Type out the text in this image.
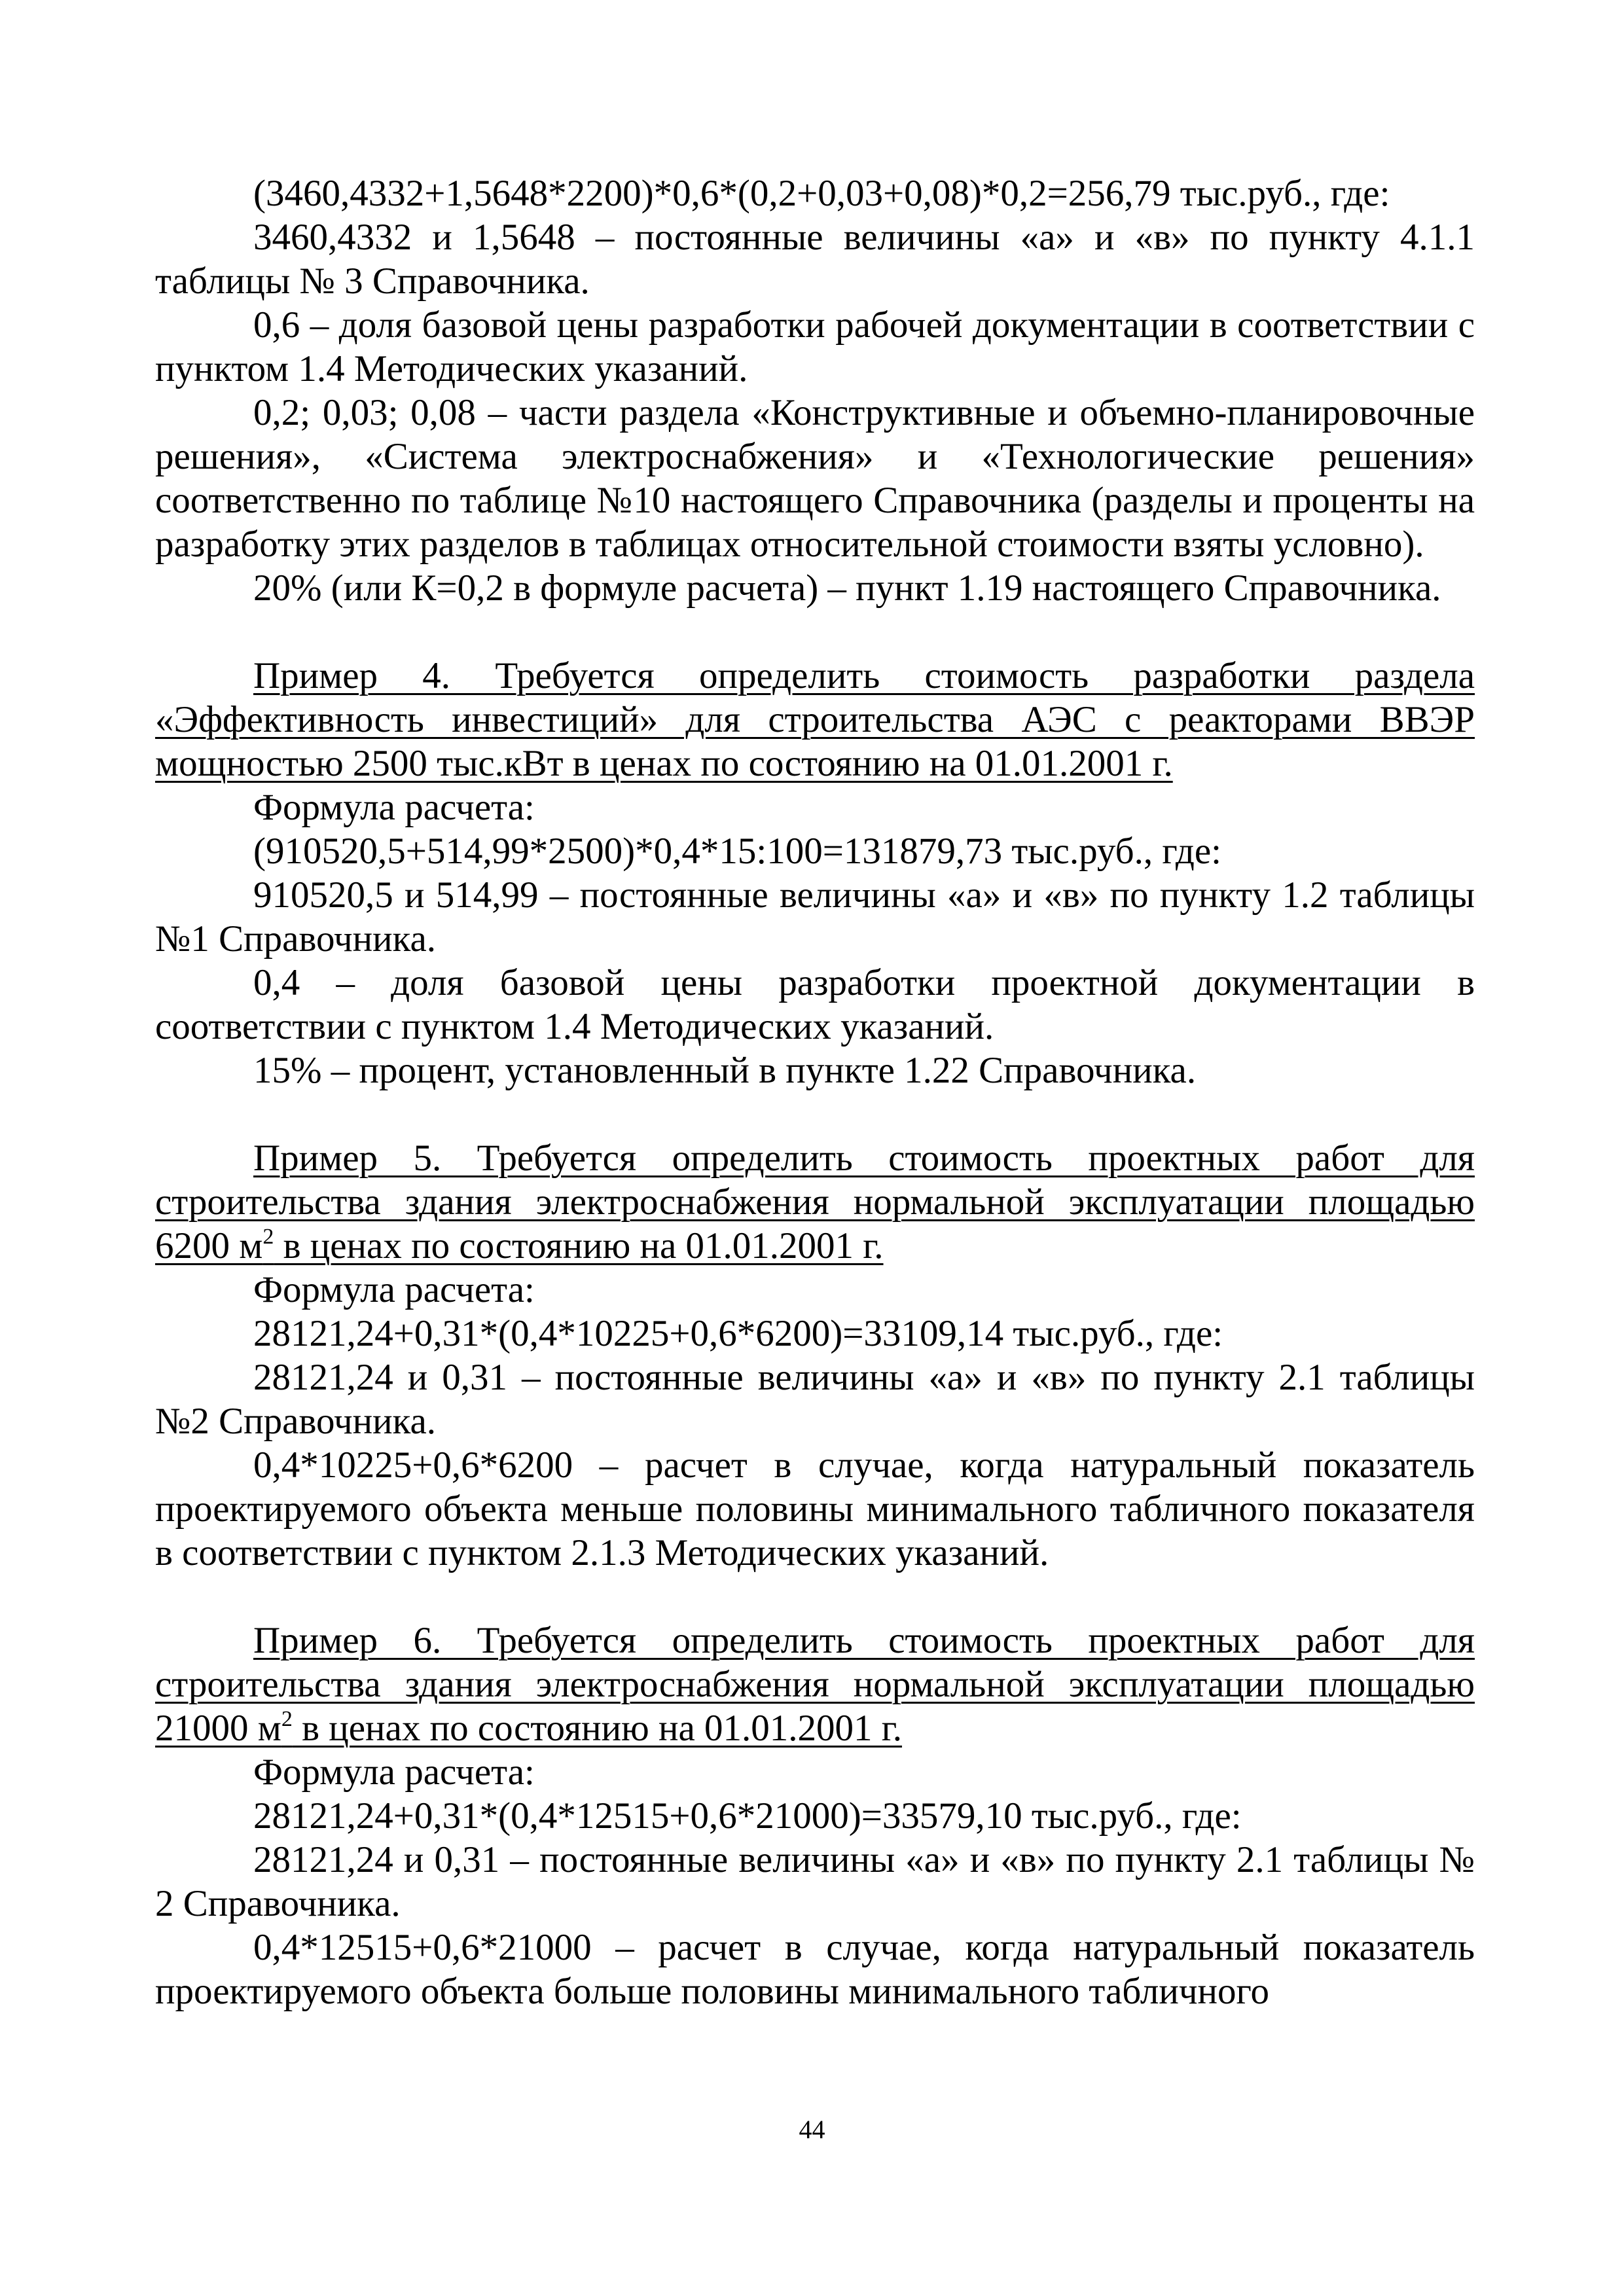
(3460,4332+1,5648*2200)*0,6*(0,2+0,03+0,08)*0,2=256,79 тыс.руб., где:

3460,4332 и 1,5648 – постоянные величины «а» и «в» по пункту 4.1.1 таблицы № 3 Справочника.

0,6 – доля базовой цены разработки рабочей документации в соответствии с пунктом 1.4 Методических указаний.

0,2; 0,03; 0,08 – части раздела «Конструктивные и объемно-планировочные решения», «Система электроснабжения» и «Технологические решения» соответственно по таблице №10 настоящего Справочника (разделы и проценты на разработку этих разделов в таблицах относительной стоимости взяты условно).

20% (или К=0,2 в формуле расчета) – пункт 1.19 настоящего Справочника.

Пример 4. Требуется определить стоимость разработки раздела «Эффективность инвестиций» для строительства АЭС с реакторами ВВЭР мощностью 2500 тыс.кВт в ценах по состоянию на 01.01.2001 г.

Формула расчета:

(910520,5+514,99*2500)*0,4*15:100=131879,73 тыс.руб., где:

910520,5 и 514,99 – постоянные величины «а» и «в» по пункту 1.2 таблицы №1 Справочника.

0,4 – доля базовой цены разработки проектной документации в соответствии с пунктом 1.4 Методических указаний.

15% – процент, установленный в пункте 1.22 Справочника.

Пример 5. Требуется определить стоимость проектных работ для строительства здания электроснабжения нормальной эксплуатации площадью 6200 $м^2$ в ценах по состоянию на 01.01.2001 г.

Формула расчета:

28121,24+0,31*(0,4*10225+0,6*6200)=33109,14 тыс.руб., где:

28121,24 и 0,31 – постоянные величины «а» и «в» по пункту 2.1 таблицы №2 Справочника.

0,4*10225+0,6*6200 – расчет в случае, когда натуральный показатель проектируемого объекта меньше половины минимального табличного показателя в соответствии с пунктом 2.1.3 Методических указаний.

Пример 6. Требуется определить стоимость проектных работ для строительства здания электроснабжения нормальной эксплуатации площадью 21000 $м^2$ в ценах по состоянию на 01.01.2001 г.

Формула расчета:

28121,24+0,31*(0,4*12515+0,6*21000)=33579,10 тыс.руб., где:

28121,24 и 0,31 – постоянные величины «а» и «в» по пункту 2.1 таблицы № 2 Справочника.

0,4*12515+0,6*21000 – расчет в случае, когда натуральный показатель проектируемого объекта больше половины минимального табличного

44
